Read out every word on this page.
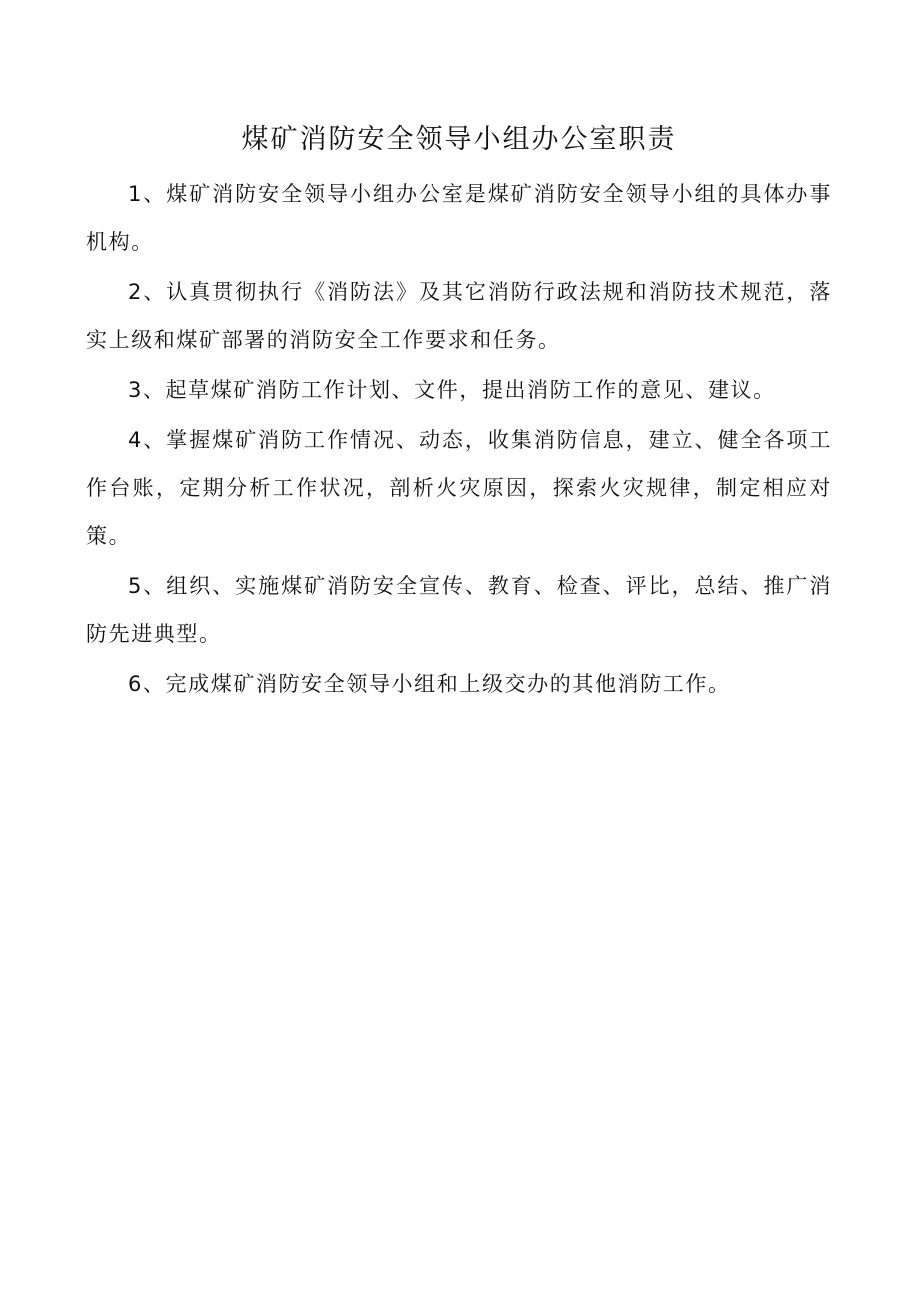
煤矿消防安全领导小组办公室职责

1、煤矿消防安全领导小组办公室是煤矿消防安全领导小组的具体办事机构。

2、认真贯彻执行《消防法》及其它消防行政法规和消防技术规范，落实上级和煤矿部署的消防安全工作要求和任务。

3、起草煤矿消防工作计划、文件，提出消防工作的意见、建议。

4、掌握煤矿消防工作情况、动态，收集消防信息，建立、健全各项工作台账，定期分析工作状况，剖析火灾原因，探索火灾规律，制定相应对策。

5、组织、实施煤矿消防安全宣传、教育、检查、评比，总结、推广消防先进典型。

6、完成煤矿消防安全领导小组和上级交办的其他消防工作。
